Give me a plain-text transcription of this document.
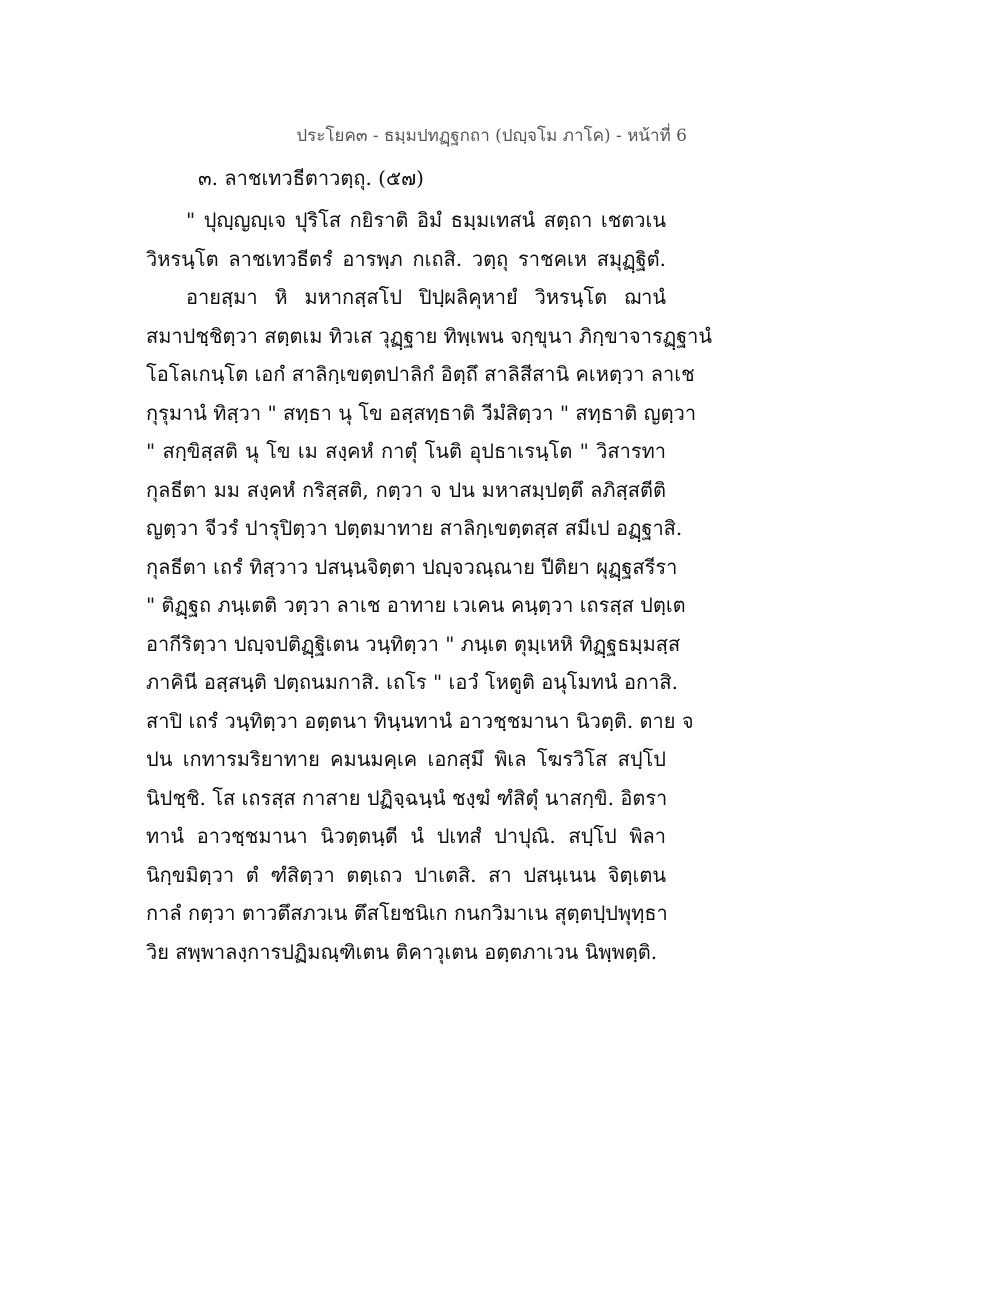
ประโยค๓ - ธมฺมปทฏฺฐกถา (ปญฺจโม ภาโค) - หน้าที่ 6
๓. ลาชเทวธีตาวตฺถุ. (๕๗)
" ปุญฺญญฺเจ ปุริโส กยิราติ อิมํ ธมฺมเทสนํ สตฺถา เชตวเน
วิหรนฺโต ลาชเทวธีตรํ อารพฺภ กเถสิ. วตฺถุ ราชคเห สมุฏฺฐิตํ.
อายสฺมา หิ มหากสฺสโป ปิปฺผลิคุหายํ วิหรนฺโต ฌานํ
สมาปชฺชิตฺวา สตฺตเม ทิวเส วุฏฺฐาย ทิพฺเพน จกฺขุนา ภิกฺขาจารฏฺฐานํ
โอโลเกนฺโต เอกํ สาลิกฺเขตฺตปาลิกํ อิตฺถึ สาลิสีสานิ คเหตฺวา ลาเช
กุรุมานํ ทิสฺวา " สทฺธา นุ โข อสฺสทฺธาติ วีมํสิตฺวา " สทฺธาติ ญตฺวา
" สกฺขิสฺสติ นุ โข เม สงฺคหํ กาตุํ โนติ อุปธาเรนฺโต " วิสารทา
กุลธีตา มม สงฺคหํ กริสฺสติ, กตฺวา จ ปน มหาสมฺปตฺตึ ลภิสฺสตีติ
ญตฺวา จีวรํ ปารุปิตฺวา ปตฺตมาทาย สาลิกฺเขตฺตสฺส สมีเป อฏฺฐาสิ.
กุลธีตา เถรํ ทิสฺวาว ปสนฺนจิตฺตา ปญฺจวณฺณาย ปีติยา ผุฏฺฐสรีรา
" ติฏฺฐถ ภนฺเตติ วตฺวา ลาเช อาทาย เวเคน คนฺตฺวา เถรสฺส ปตฺเต
อากีริตฺวา ปญฺจปติฏฺฐิเตน วนฺทิตฺวา " ภนฺเต ตุมฺเหหิ ทิฏฺฐธมฺมสฺส
ภาคินี อสฺสนฺติ ปตฺถนมกาสิ. เถโร " เอวํ โหตูติ อนุโมทนํ อกาสิ.
สาปิ เถรํ วนฺทิตฺวา อตฺตนา ทินฺนทานํ อาวชฺชมานา นิวตฺติ. ตาย จ
ปน เกทารมริยาทาย คมนมคฺเค เอกสฺมึ พิเล โฆรวิโส สปฺโป
นิปชฺชิ. โส เถรสฺส กาสาย ปฏิจฺฉนฺนํ ชงฺฆํ ฑํสิตุํ นาสกฺขิ. อิตรา
ทานํ อาวชฺชมานา นิวตฺตนฺตี นํ ปเทสํ ปาปุณิ. สปฺโป พิลา
นิกฺขมิตฺวา ตํ ฑํสิตฺวา ตตฺเถว ปาเตสิ. สา ปสนฺเนน จิตฺเตน
กาลํ กตฺวา ตาวตึสภวเน ตึสโยชนิเก กนกวิมาเน สุตฺตปฺปพุทฺธา
วิย สพฺพาลงฺการปฏิมณฺฑิเตน ติคาวุเตน อตฺตภาเวน นิพฺพตฺติ.
